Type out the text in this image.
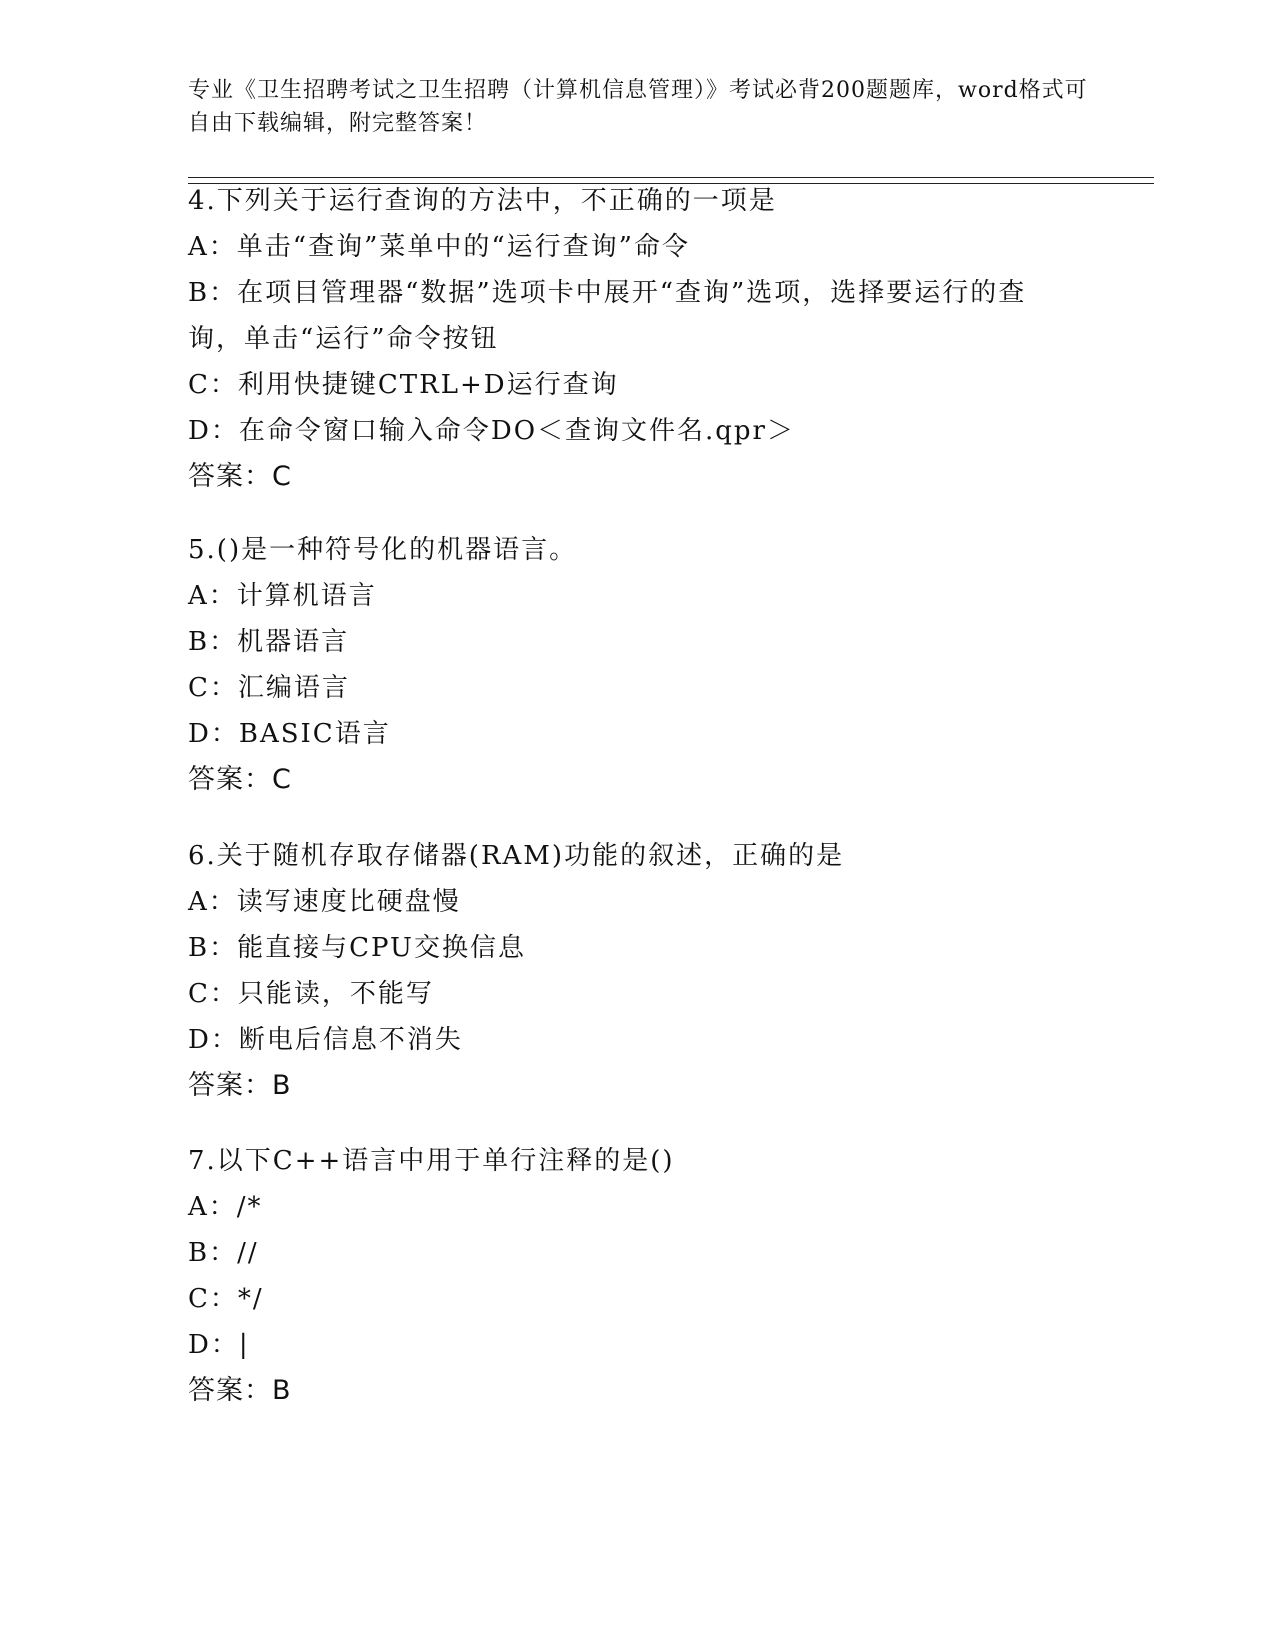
专业《卫生招聘考试之卫生招聘（计算机信息管理）》考试必背200题题库，word格式可自由下载编辑，附完整答案！
4.下列关于运行查询的方法中，不正确的一项是
A：单击“查询”菜单中的“运行查询”命令
B：在项目管理器“数据”选项卡中展开“查询”选项，选择要运行的查询，单击“运行”命令按钮
C：利用快捷键CTRL+D运行查询
D：在命令窗口输入命令DO＜查询文件名.qpr＞
答案：C
5.()是一种符号化的机器语言。
A：计算机语言
B：机器语言
C：汇编语言
D：BASIC语言
答案：C
6.关于随机存取存储器(RAM)功能的叙述，正确的是
A：读写速度比硬盘慢
B：能直接与CPU交换信息
C：只能读，不能写
D：断电后信息不消失
答案：B
7.以下C++语言中用于单行注释的是()
A：/*
B：//
C：*/
D：|
答案：B
